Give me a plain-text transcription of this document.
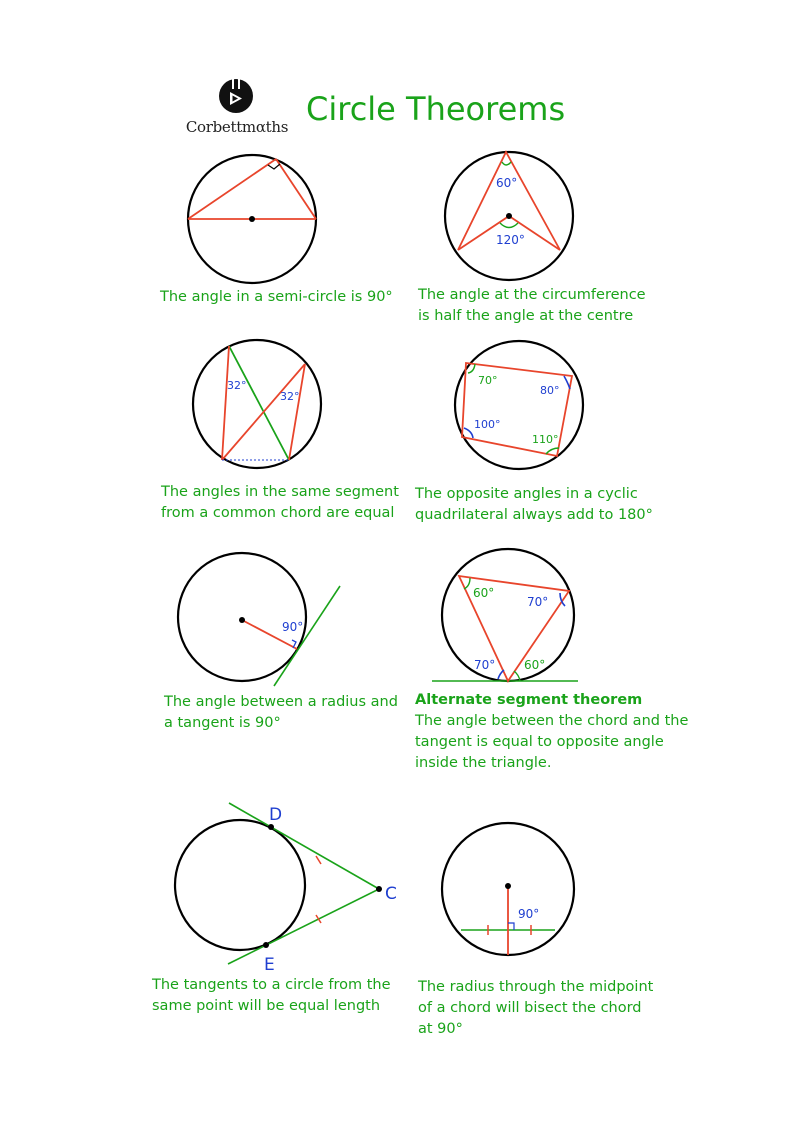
Corbettmαths Circle Theorems
60°
120°
32°
32°
70°
80°
100°
110°
90°
60°
70°
70° 60°
D
C
E
90°
The angle in a semi-circle is 90° The angle at the circumference
is half the angle at the centre
The angles in the same segment
from a common chord are equal
The opposite angles in a cyclic
quadrilateral always add to 180°
The angle between a radius and
a tangent is 90°
Alternate segment theorem
The angle between the chord and the
tangent is equal to opposite angle
inside the triangle.
The tangents to a circle from the
same point will be equal length
The radius through the midpoint
of a chord will bisect the chord
at 90°
